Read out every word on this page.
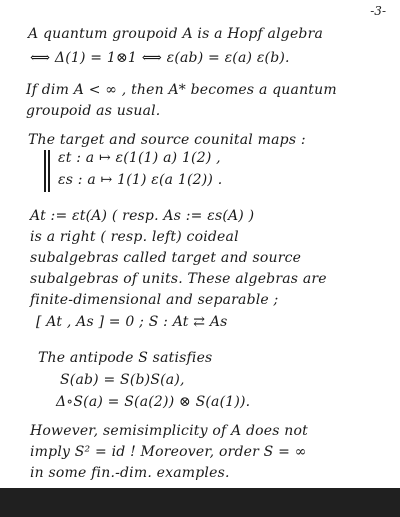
-3-
A quantum groupoid A is a Hopf algebra
⟺ Δ(1) = 1⊗1 ⟺ ε(ab) = ε(a) ε(b).
If dim A < ∞ , then A* becomes a quantum
groupoid as usual.
The target and source counital maps :
εt : a ↦ ε(1(1) a) 1(2) ,
εs : a ↦ 1(1) ε(a 1(2)) .
At := εt(A) ( resp. As := εs(A) )
is a right ( resp. left) coideal
subalgebras called target and source
subalgebras of units. These algebras are
finite-dimensional and separable ;
[ At , As ] = 0 ; S : At ⇄ As
The antipode S satisfies
S(ab) = S(b)S(a),
Δ∘S(a) = S(a(2)) ⊗ S(a(1)).
However, semisimplicity of A does not
imply S² = id ! Moreover, order S = ∞
in some fin.-dim. examples.
